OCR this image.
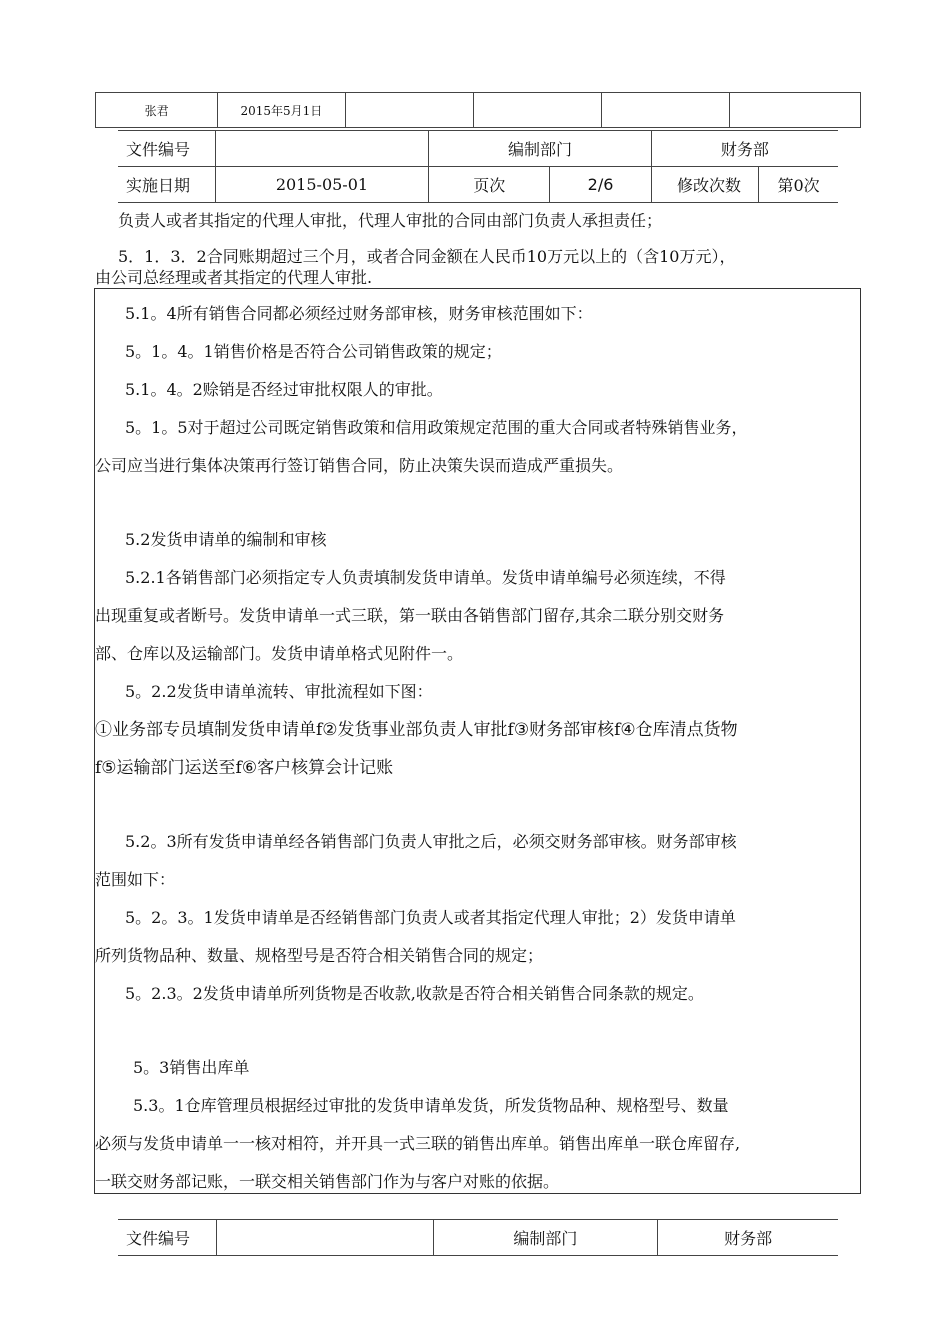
张君	2015年5月1日				
文件编号		编制部门		财务部	
实施日期	2015-05-01	页次	2/6	修改次数	第0次

负责人或者其指定的代理人审批，代理人审批的合同由部门负责人承担责任；

5．1．3．2合同账期超过三个月，或者合同金额在人民币10万元以上的（含10万元），

由公司总经理或者其指定的代理人审批.

5.1。4所有销售合同都必须经过财务部审核，财务审核范围如下：

5。1。4。1销售价格是否符合公司销售政策的规定；

5.1。4。2赊销是否经过审批权限人的审批。

5。1。5对于超过公司既定销售政策和信用政策规定范围的重大合同或者特殊销售业务，

公司应当进行集体决策再行签订销售合同，防止决策失误而造成严重损失。

5.2发货申请单的编制和审核

5.2.1各销售部门必须指定专人负责填制发货申请单。发货申请单编号必须连续，不得

出现重复或者断号。发货申请单一式三联，第一联由各销售部门留存,其余二联分别交财务

部、仓库以及运输部门。发货申请单格式见附件一。

5。2.2发货申请单流转、审批流程如下图：

①业务部专员填制发货申请单f②发货事业部负责人审批f③财务部审核f④仓库清点货物

f⑤运输部门运送至f⑥客户核算会计记账

5.2。3所有发货申请单经各销售部门负责人审批之后，必须交财务部审核。财务部审核

范围如下：

5。2。3。1发货申请单是否经销售部门负责人或者其指定代理人审批；2）发货申请单

所列货物品种、数量、规格型号是否符合相关销售合同的规定；

5。2.3。2发货申请单所列货物是否收款,收款是否符合相关销售合同条款的规定。

5。3销售出库单

5.3。1仓库管理员根据经过审批的发货申请单发货，所发货物品种、规格型号、数量

必须与发货申请单一一核对相符，并开具一式三联的销售出库单。销售出库单一联仓库留存,

一联交财务部记账，一联交相关销售部门作为与客户对账的依据。

文件编号		编制部门	财务部
